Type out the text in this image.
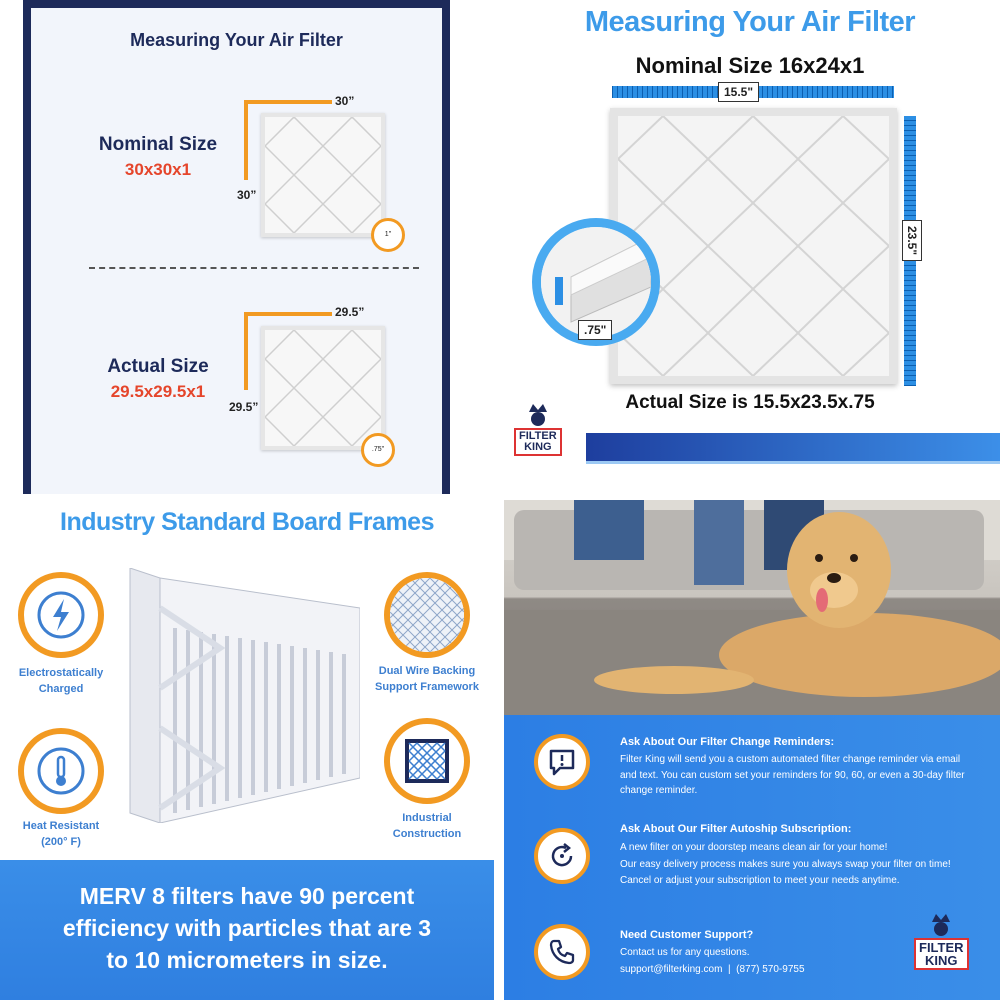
Measuring Your Air Filter
Nominal Size
30x30x1
30”
30”
1"
Actual Size
29.5x29.5x1
29.5”
29.5”
.75"
Measuring Your Air Filter
Nominal Size 16x24x1
15.5"
23.5"
.75"
Actual Size is 15.5x23.5x.75
FILTER
KING
Industry Standard Board Frames
Electrostatically Charged
Heat Resistant
(200° F)
Dual Wire Backing
Support Framework
Industrial
Construction
MERV 8 filters have 90 percent
efficiency with particles that are 3
to 10 micrometers in size.
Ask About Our Filter Change Reminders:
Filter King will send you a custom automated filter change reminder via email and text. You can custom set your reminders for 90, 60, or even a 30-day filter change reminder.
Ask About Our Filter Autoship Subscription:
A new filter on your doorstep means clean air for your home!
Our easy delivery process makes sure you always swap your filter on time! Cancel or adjust your subscription to meet your needs anytime.
Need Customer Support?
Contact us for any questions.
support@filterking.com  |  (877) 570-9755
FILTER
KING
